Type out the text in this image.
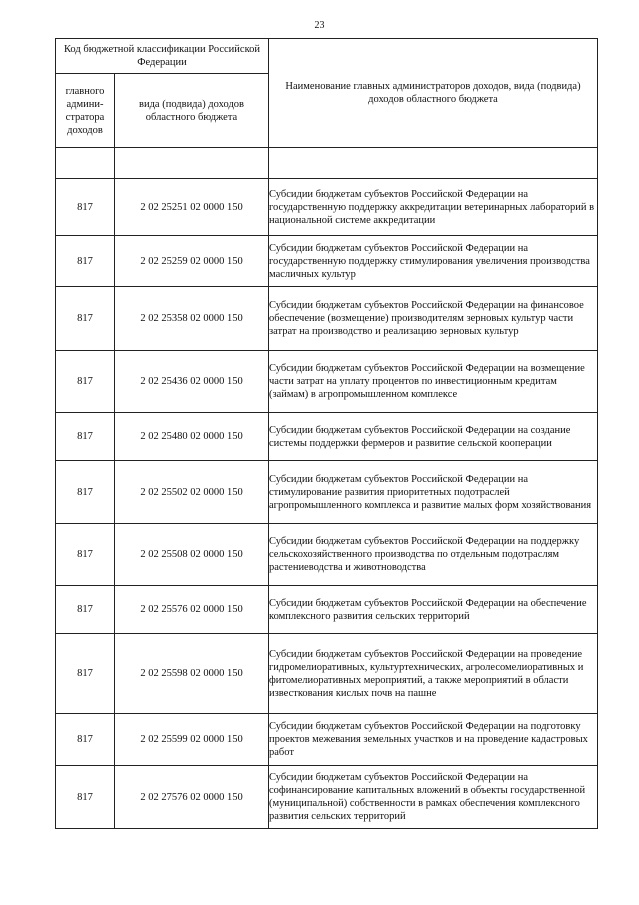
23
Код бюджетной классификации Российской Федерации		Наименование главных администраторов доходов, вида (подвида) доходов областного бюджета
главного админи-стратора доходов	вида (подвида) доходов областного бюджета	

817	2 02 25251 02 0000 150	Субсидии бюджетам субъектов Российской Федерации на государственную поддержку аккредитации ветеринарных лабораторий в национальной системе аккредитации
817	2 02 25259 02 0000 150	Субсидии бюджетам субъектов Российской Федерации на государственную поддержку стимулирования увеличения производства масличных культур
817	2 02 25358 02 0000 150	Субсидии бюджетам субъектов Российской Федерации на финансовое обеспечение (возмещение) производителям зерновых культур части затрат на производство и реализацию зерновых культур
817	2 02 25436 02 0000 150	Субсидии бюджетам субъектов Российской Федерации на возмещение части затрат на уплату процентов по инвестиционным кредитам (займам) в агропромышленном комплексе
817	2 02 25480 02 0000 150	Субсидии бюджетам субъектов Российской Федерации на создание системы поддержки фермеров и развитие сельской кооперации
817	2 02 25502 02 0000 150	Субсидии бюджетам субъектов Российской Федерации на стимулирование развития приоритетных подотраслей агропромышленного комплекса и развитие малых форм хозяйствования
817	2 02 25508 02 0000 150	Субсидии бюджетам субъектов Российской Федерации на поддержку сельскохозяйственного производства по отдельным подотраслям растениеводства и животноводства
817	2 02 25576 02 0000 150	Субсидии бюджетам субъектов Российской Федерации на обеспечение комплексного развития сельских территорий
817	2 02 25598 02 0000 150	Субсидии бюджетам субъектов Российской Федерации на проведение гидромелиоративных, культуртехнических, агролесомелиоративных и фитомелиоративных мероприятий, а также мероприятий в области известкования кислых почв на пашне
817	2 02 25599 02 0000 150	Субсидии бюджетам субъектов Российской Федерации на подготовку проектов межевания земельных участков и на проведение кадастровых работ
817	2 02 27576 02 0000 150	Субсидии бюджетам субъектов Российской Федерации на софинансирование капитальных вложений в объекты государственной (муниципальной) собственности в рамках обеспечения комплексного развития сельских территорий
